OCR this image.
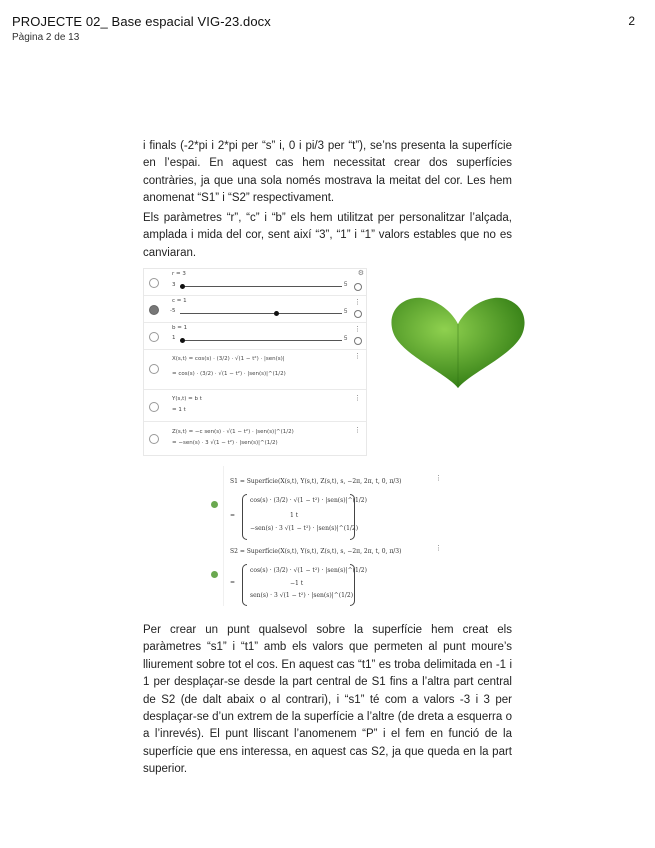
PROJECTE 02_ Base espacial VIG-23.docx
Pàgina 2 de 13
2

i finals (-2*pi i 2*pi per “s” i, 0 i pi/3 per “t”), se’ns presenta la superfície en l’espai. En aquest cas hem necessitat crear dos superfícies contràries, ja que una sola només mostrava la meitat del cor. Les hem anomenat “S1” i “S2” respectivament.

Els paràmetres “r”, “c” i “b” els hem utilitzat per personalitzar l’alçada, amplada i mida del cor, sent així “3”, “1” i “1” valors estables que no es canviaran.

⚙
r = 3
3	5
c = 1	⋮
-5	5
b = 1	⋮
1	5
X(s,t) = cos(s) · (3/2) · √(1 − t²) · |sen(s)|
= cos(s) · (3/2) · √(1 − t²) · |sen(s)|^(1/2)
⋮
Y(s,t) = b t
= 1 t
⋮
Z(s,t) = −c sen(s) · √(1 − t²) · |sen(s)|^(1/2)
= −sen(s) · 3 √(1 − t²) · |sen(s)|^(1/2)
⋮
S1 = Superfície(X(s,t), Y(s,t), Z(s,t), s, −2π, 2π, t, 0, π/3)	⋮
=
cos(s) · (3/2) · √(1 − t²) · |sen(s)|^(1/2)
1 t
−sen(s) · 3 √(1 − t²) · |sen(s)|^(1/2)
S2 = Superfície(X(s,t), Y(s,t), Z(s,t), s, −2π, 2π, t, 0, π/3)	⋮
=
cos(s) · (3/2) · √(1 − t²) · |sen(s)|^(1/2)
−1 t
sen(s) · 3 √(1 − t²) · |sen(s)|^(1/2)

Per crear un punt qualsevol sobre la superfície hem creat els paràmetres “s1” i “t1” amb els valors que permeten al punt moure’s lliurement sobre tot el cos. En aquest cas “t1” es troba delimitada en -1 i 1 per desplaçar-se desde la part central de S1 fins a l’altra part central de S2 (de dalt abaix o al contrari), i “s1” té com a valors -3 i 3 per desplaçar-se d’un extrem de la superfície a l’altre (de dreta a esquerra o a l’inrevés). El punt lliscant l’anomenem “P” i el fem en funció de la superfície que ens interessa, en aquest cas S2, ja que queda en la part superior.
